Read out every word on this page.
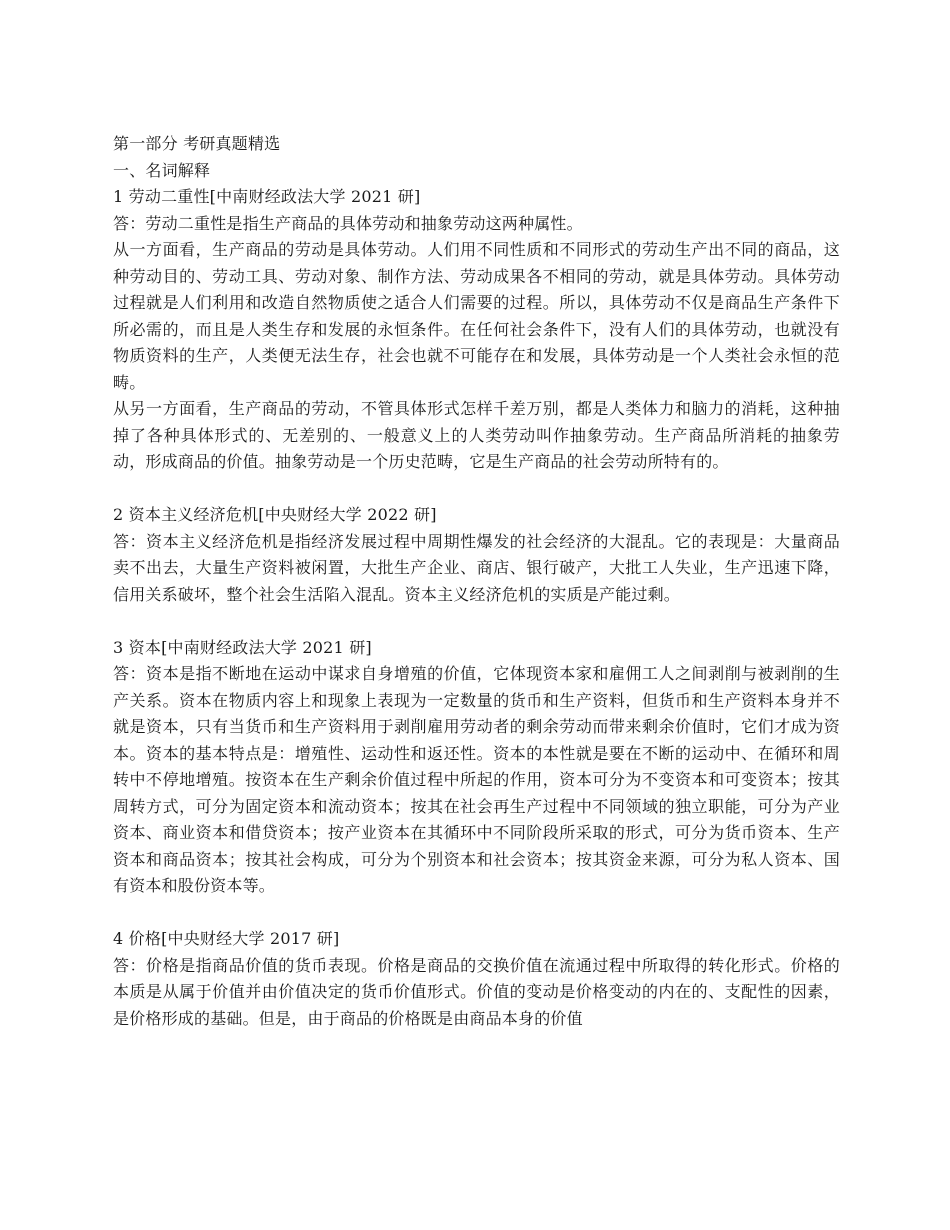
第一部分 考研真题精选

一、名词解释

1 劳动二重性[中南财经政法大学 2021 研]

答：劳动二重性是指生产商品的具体劳动和抽象劳动这两种属性。

从一方面看，生产商品的劳动是具体劳动。人们用不同性质和不同形式的劳动生产出不同的商品，这种劳动目的、劳动工具、劳动对象、制作方法、劳动成果各不相同的劳动，就是具体劳动。具体劳动过程就是人们利用和改造自然物质使之适合人们需要的过程。所以，具体劳动不仅是商品生产条件下所必需的，而且是人类生存和发展的永恒条件。在任何社会条件下，没有人们的具体劳动，也就没有物质资料的生产，人类便无法生存，社会也就不可能存在和发展，具体劳动是一个人类社会永恒的范畴。

从另一方面看，生产商品的劳动，不管具体形式怎样千差万别，都是人类体力和脑力的消耗，这种抽掉了各种具体形式的、无差别的、一般意义上的人类劳动叫作抽象劳动。生产商品所消耗的抽象劳动，形成商品的价值。抽象劳动是一个历史范畴，它是生产商品的社会劳动所特有的。

2 资本主义经济危机[中央财经大学 2022 研]

答：资本主义经济危机是指经济发展过程中周期性爆发的社会经济的大混乱。它的表现是：大量商品卖不出去，大量生产资料被闲置，大批生产企业、商店、银行破产，大批工人失业，生产迅速下降，信用关系破坏，整个社会生活陷入混乱。资本主义经济危机的实质是产能过剩。

3 资本[中南财经政法大学 2021 研]

答：资本是指不断地在运动中谋求自身增殖的价值，它体现资本家和雇佣工人之间剥削与被剥削的生产关系。资本在物质内容上和现象上表现为一定数量的货币和生产资料，但货币和生产资料本身并不就是资本，只有当货币和生产资料用于剥削雇用劳动者的剩余劳动而带来剩余价值时，它们才成为资本。资本的基本特点是：增殖性、运动性和返还性。资本的本性就是要在不断的运动中、在循环和周转中不停地增殖。按资本在生产剩余价值过程中所起的作用，资本可分为不变资本和可变资本；按其周转方式，可分为固定资本和流动资本；按其在社会再生产过程中不同领域的独立职能，可分为产业资本、商业资本和借贷资本；按产业资本在其循环中不同阶段所采取的形式，可分为货币资本、生产资本和商品资本；按其社会构成，可分为个别资本和社会资本；按其资金来源，可分为私人资本、国有资本和股份资本等。

4 价格[中央财经大学 2017 研]

答：价格是指商品价值的货币表现。价格是商品的交换价值在流通过程中所取得的转化形式。价格的本质是从属于价值并由价值决定的货币价值形式。价值的变动是价格变动的内在的、支配性的因素，是价格形成的基础。但是，由于商品的价格既是由商品本身的价值
